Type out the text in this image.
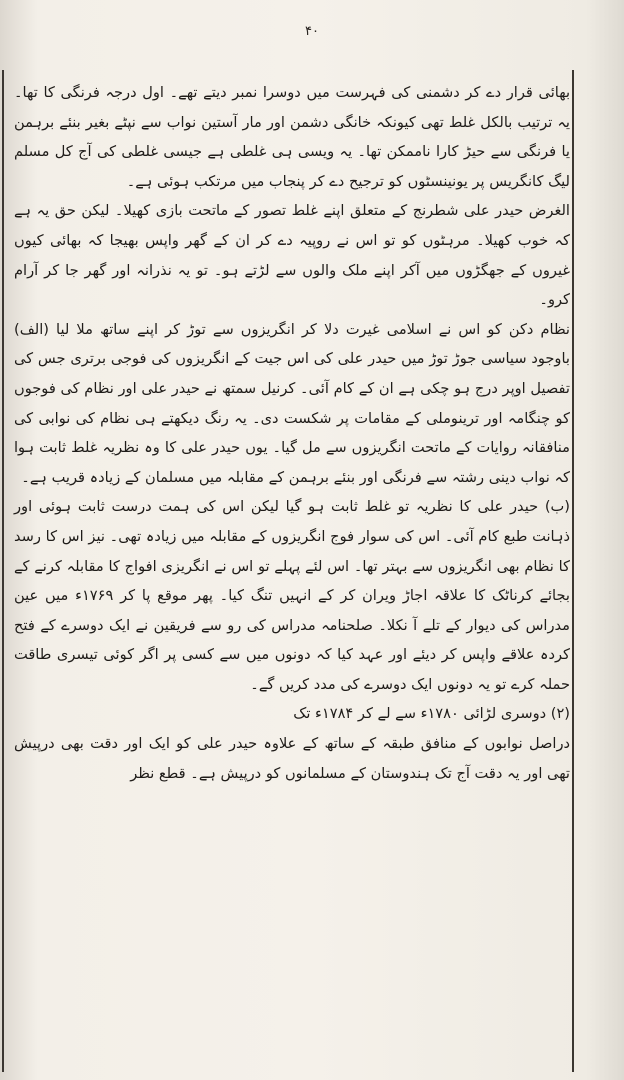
۴۰

بھائی قرار دے کر دشمنی کی فہرست میں دوسرا نمبر دیتے تھے۔ اول درجہ فرنگی کا تھا۔ یہ ترتیب بالکل غلط تھی کیونکہ خانگی دشمن اور مار آستین نواب سے نپٹے بغیر بنئے برہمن یا فرنگی سے حیڑ کارا ناممکن تھا۔ یہ ویسی ہی غلطی ہے جیسی غلطی کی آج کل مسلم لیگ کانگریس پر یونینسٹوں کو ترجیح دے کر پنجاب میں مرتکب ہوئی ہے۔

الغرض حیدر علی شطرنج کے متعلق اپنے غلط تصور کے ماتحت بازی کھیلا۔ لیکن حق یہ ہے کہ خوب کھیلا۔ مرہٹوں کو تو اس نے روپیہ دے کر ان کے گھر واپس بھیجا کہ بھائی کیوں غیروں کے جھگڑوں میں آکر اپنے ملک والوں سے لڑتے ہو۔ تو یہ نذرانہ اور گھر جا کر آرام کرو۔

نظام دکن کو اس نے اسلامی غیرت دلا کر انگریزوں سے توڑ کر اپنے ساتھ ملا لیا (الف) باوجود سیاسی جوڑ توڑ میں حیدر علی کی اس جیت کے انگریزوں کی فوجی برتری جس کی تفصیل اوپر درج ہو چکی ہے ان کے کام آئی۔ کرنیل سمتھ نے حیدر علی اور نظام کی فوجوں کو چنگامہ اور ترینوملی کے مقامات پر شکست دی۔ یہ رنگ دیکھتے ہی نظام کی نوابی کی منافقانہ روایات کے ماتحت انگریزوں سے مل گیا۔ یوں حیدر علی کا وہ نظریہ غلط ثابت ہوا کہ نواب دینی رشتہ سے فرنگی اور بنئے برہمن کے مقابلہ میں مسلمان کے زیادہ قریب ہے۔

(ب) حیدر علی کا نظریہ تو غلط ثابت ہو گیا لیکن اس کی ہمت درست ثابت ہوئی اور ذہانت طبع کام آئی۔ اس کی سوار فوج انگریزوں کے مقابلہ میں زیادہ تھی۔ نیز اس کا رسد کا نظام بھی انگریزوں سے بہتر تھا۔ اس لئے پہلے تو اس نے انگریزی افواج کا مقابلہ کرنے کے بجائے کرناٹک کا علاقہ اجاڑ ویران کر کے انہیں تنگ کیا۔ پھر موقع پا کر ۱۷۶۹ء میں عین مدراس کی دیوار کے تلے آ نکلا۔ صلحنامہ مدراس کی رو سے فریقین نے ایک دوسرے کے فتح کردہ علاقے واپس کر دیئے اور عہد کیا کہ دونوں میں سے کسی پر اگر کوئی تیسری طاقت حملہ کرے تو یہ دونوں ایک دوسرے کی مدد کریں گے۔

(۲) دوسری لڑائی ۱۷۸۰ء سے لے کر ۱۷۸۴ء تک

دراصل نوابوں کے منافق طبقہ کے ساتھ کے علاوہ حیدر علی کو ایک اور دقت بھی درپیش تھی اور یہ دقت آج تک ہندوستان کے مسلمانوں کو درپیش ہے۔ قطع نظر
